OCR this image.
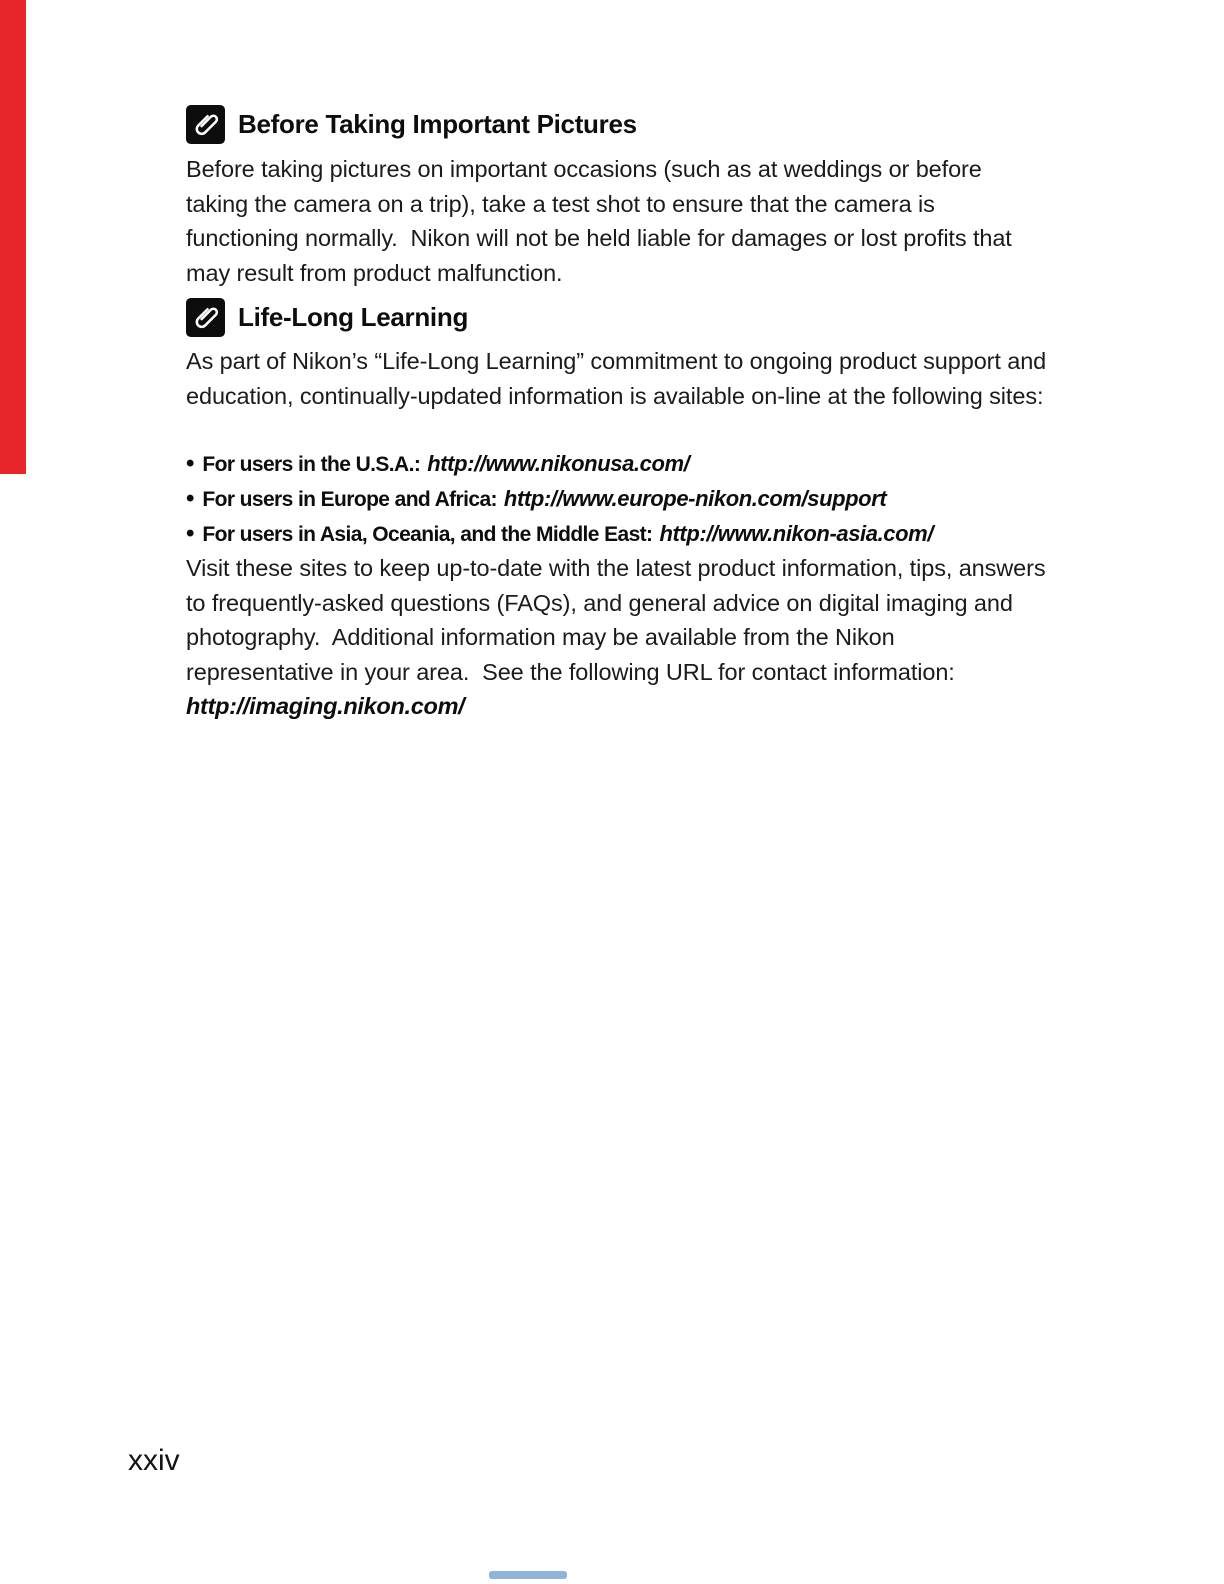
Before Taking Important Pictures

Before taking pictures on important occasions (such as at weddings or before taking the camera on a trip), take a test shot to ensure that the camera is functioning normally.  Nikon will not be held liable for damages or lost profits that may result from product malfunction.

Life-Long Learning

As part of Nikon’s “Life-Long Learning” commitment to ongoing product support and education, continually-updated information is available on-line at the following sites:

• For users in the U.S.A.: http://www.nikonusa.com/
• For users in Europe and Africa: http://www.europe-nikon.com/support
• For users in Asia, Oceania, and the Middle East: http://www.nikon-asia.com/

Visit these sites to keep up-to-date with the latest product information, tips, answers to frequently-asked questions (FAQs), and general advice on digital imaging and photography.  Additional information may be available from the Nikon representative in your area.  See the following URL for contact information: http://imaging.nikon.com/

xxiv
